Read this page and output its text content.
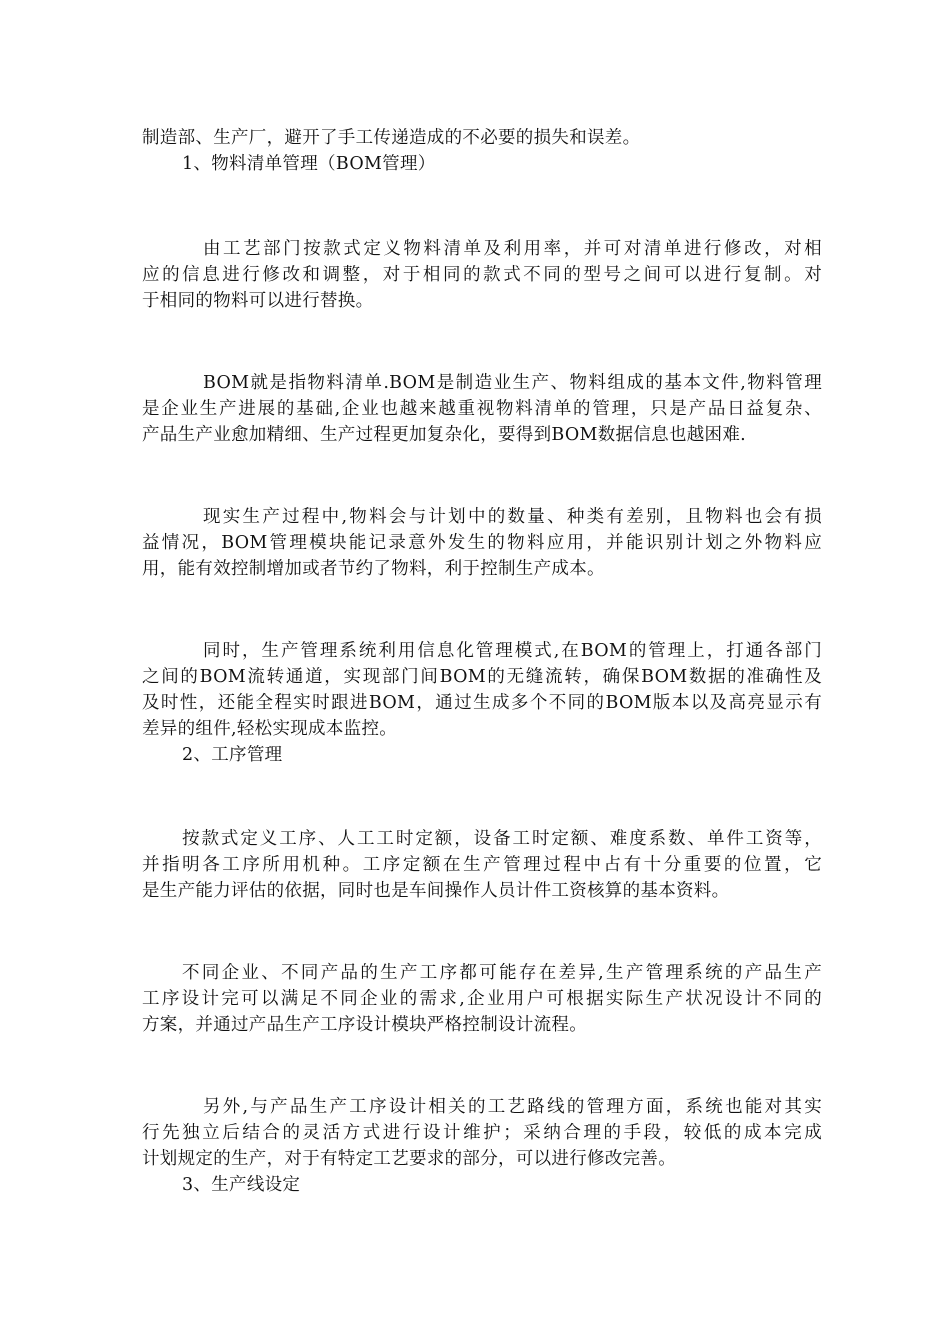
制造部、生产厂，避开了手工传递造成的不必要的损失和误差。
1、物料清单管理（BOM管理）
由工艺部门按款式定义物料清单及利用率，并可对清单进行修改，对相
应的信息进行修改和调整，对于相同的款式不同的型号之间可以进行复制。对
于相同的物料可以进行替换。
BOM就是指物料清单.BOM是制造业生产、物料组成的基本文件,物料管理
是企业生产进展的基础,企业也越来越重视物料清单的管理，只是产品日益复杂、
产品生产业愈加精细、生产过程更加复杂化，要得到BOM数据信息也越困难.
现实生产过程中,物料会与计划中的数量、种类有差别，且物料也会有损
益情况，BOM管理模块能记录意外发生的物料应用，并能识别计划之外物料应
用，能有效控制增加或者节约了物料，利于控制生产成本。
同时，生产管理系统利用信息化管理模式,在BOM的管理上，打通各部门
之间的BOM流转通道，实现部门间BOM的无缝流转，确保BOM数据的准确性及
及时性，还能全程实时跟进BOM，通过生成多个不同的BOM版本以及高亮显示有
差异的组件,轻松实现成本监控。
2、工序管理
按款式定义工序、人工工时定额，设备工时定额、难度系数、单件工资等，
并指明各工序所用机种。工序定额在生产管理过程中占有十分重要的位置，它
是生产能力评估的依据，同时也是车间操作人员计件工资核算的基本资料。
不同企业、不同产品的生产工序都可能存在差异,生产管理系统的产品生产
工序设计完可以满足不同企业的需求,企业用户可根据实际生产状况设计不同的
方案，并通过产品生产工序设计模块严格控制设计流程。
另外,与产品生产工序设计相关的工艺路线的管理方面，系统也能对其实
行先独立后结合的灵活方式进行设计维护；采纳合理的手段，较低的成本完成
计划规定的生产，对于有特定工艺要求的部分，可以进行修改完善。
3、生产线设定
